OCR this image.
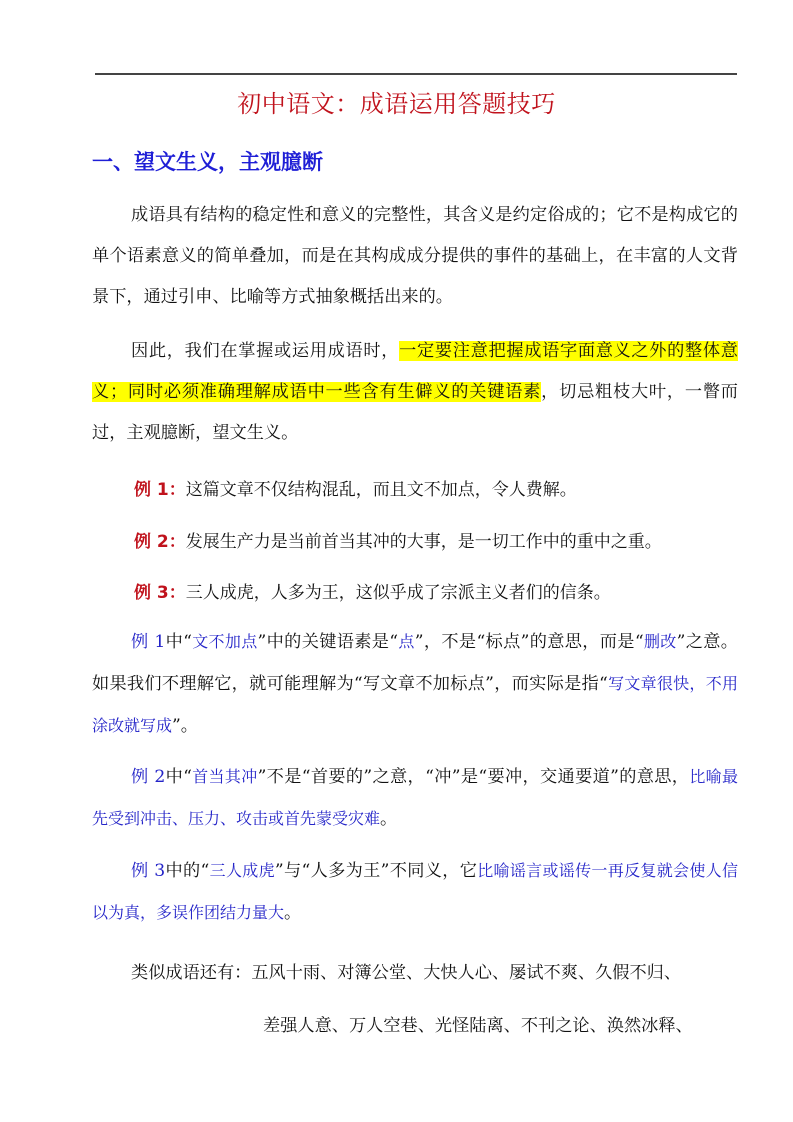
初中语文：成语运用答题技巧
一、望文生义，主观臆断
成语具有结构的稳定性和意义的完整性，其含义是约定俗成的；它不是构成它的单个语素意义的简单叠加，而是在其构成成分提供的事件的基础上，在丰富的人文背景下，通过引申、比喻等方式抽象概括出来的。
因此，我们在掌握或运用成语时，一定要注意把握成语字面意义之外的整体意义；同时必须准确理解成语中一些含有生僻义的关键语素，切忌粗枝大叶，一瞥而过，主观臆断，望文生义。
例 1：这篇文章不仅结构混乱，而且文不加点，令人费解。
例 2：发展生产力是当前首当其冲的大事，是一切工作中的重中之重。
例 3：三人成虎，人多为王，这似乎成了宗派主义者们的信条。
例 1中“文不加点”中的关键语素是“点”，不是“标点”的意思，而是“删改”之意。如果我们不理解它，就可能理解为“写文章不加标点”，而实际是指“写文章很快，不用涂改就写成”。
例 2中“首当其冲”不是“首要的”之意，“冲”是“要冲，交通要道”的意思，比喻最先受到冲击、压力、攻击或首先蒙受灾难。
例 3中的“三人成虎”与“人多为王”不同义，它比喻谣言或谣传一再反复就会使人信以为真，多误作团结力量大。
类似成语还有：五风十雨、对簿公堂、大快人心、屡试不爽、久假不归、
差强人意、万人空巷、光怪陆离、不刊之论、涣然冰释、
